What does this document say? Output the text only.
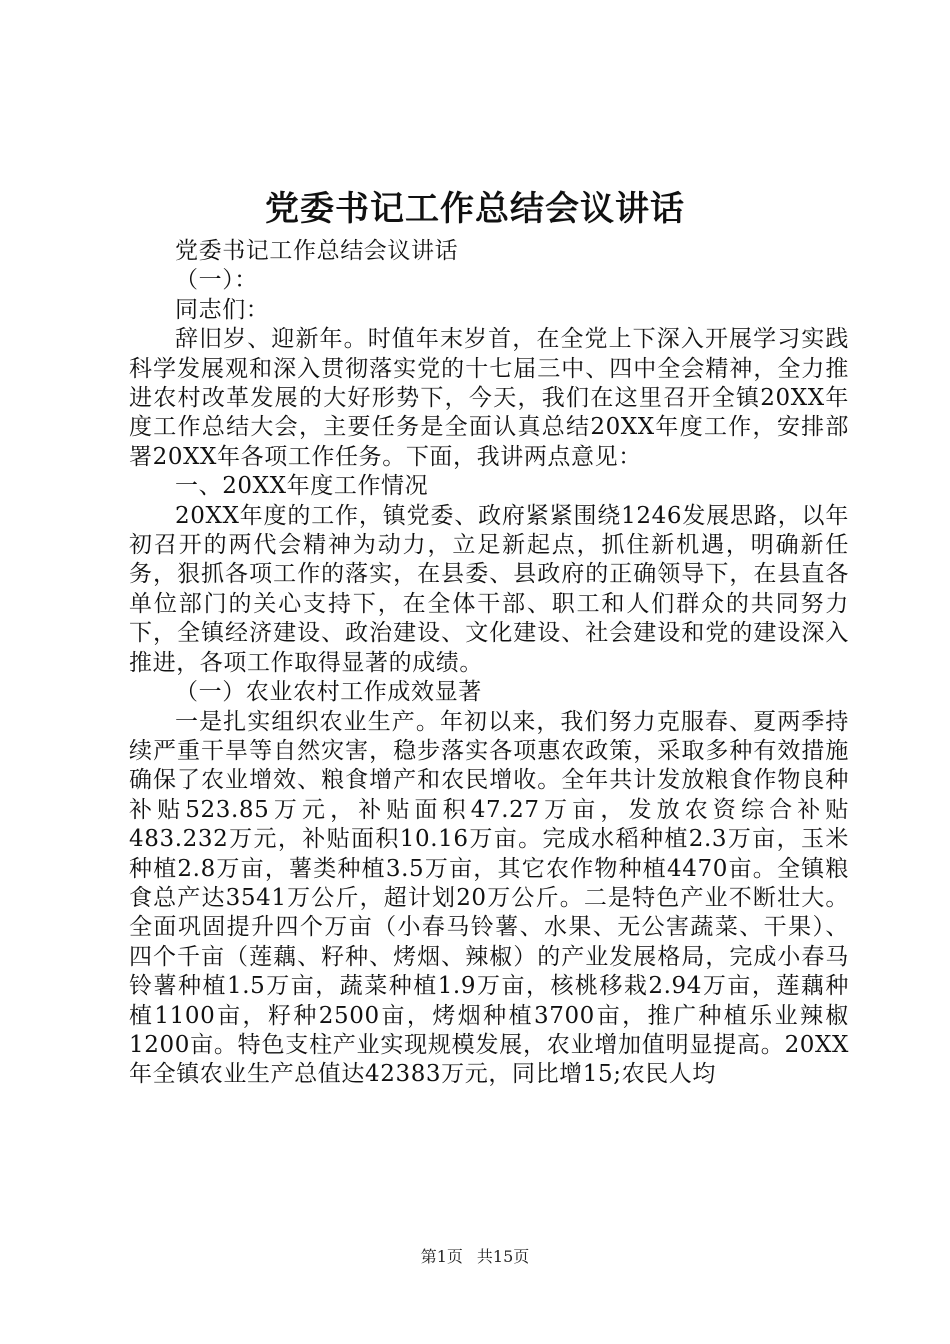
党委书记工作总结会议讲话

党委书记工作总结会议讲话

（一）：

同志们：

辞旧岁、迎新年。时值年末岁首，在全党上下深入开展学习实践科学发展观和深入贯彻落实党的十七届三中、四中全会精神，全力推进农村改革发展的大好形势下，今天，我们在这里召开全镇20XX年度工作总结大会，主要任务是全面认真总结20XX年度工作，安排部署20XX年各项工作任务。下面，我讲两点意见：

一、20XX年度工作情况

20XX年度的工作，镇党委、政府紧紧围绕1246发展思路，以年初召开的两代会精神为动力，立足新起点，抓住新机遇，明确新任务，狠抓各项工作的落实，在县委、县政府的正确领导下，在县直各单位部门的关心支持下，在全体干部、职工和人们群众的共同努力下，全镇经济建设、政治建设、文化建设、社会建设和党的建设深入推进，各项工作取得显著的成绩。

（一）农业农村工作成效显著

一是扎实组织农业生产。年初以来，我们努力克服春、夏两季持续严重干旱等自然灾害，稳步落实各项惠农政策，采取多种有效措施确保了农业增效、粮食增产和农民增收。全年共计发放粮食作物良种补贴523.85万元，补贴面积47.27万亩，发放农资综合补贴483.232万元，补贴面积10.16万亩。完成水稻种植2.3万亩，玉米种植2.8万亩，薯类种植3.5万亩，其它农作物种植4470亩。全镇粮食总产达3541万公斤，超计划20万公斤。二是特色产业不断壮大。全面巩固提升四个万亩（小春马铃薯、水果、无公害蔬菜、干果）、四个千亩（莲藕、籽种、烤烟、辣椒）的产业发展格局，完成小春马铃薯种植1.5万亩，蔬菜种植1.9万亩，核桃移栽2.94万亩，莲藕种植1100亩，籽种2500亩，烤烟种植3700亩，推广种植乐业辣椒1200亩。特色支柱产业实现规模发展，农业增加值明显提高。20XX年全镇农业生产总值达42383万元，同比增15;农民人均

第1页 共15页
